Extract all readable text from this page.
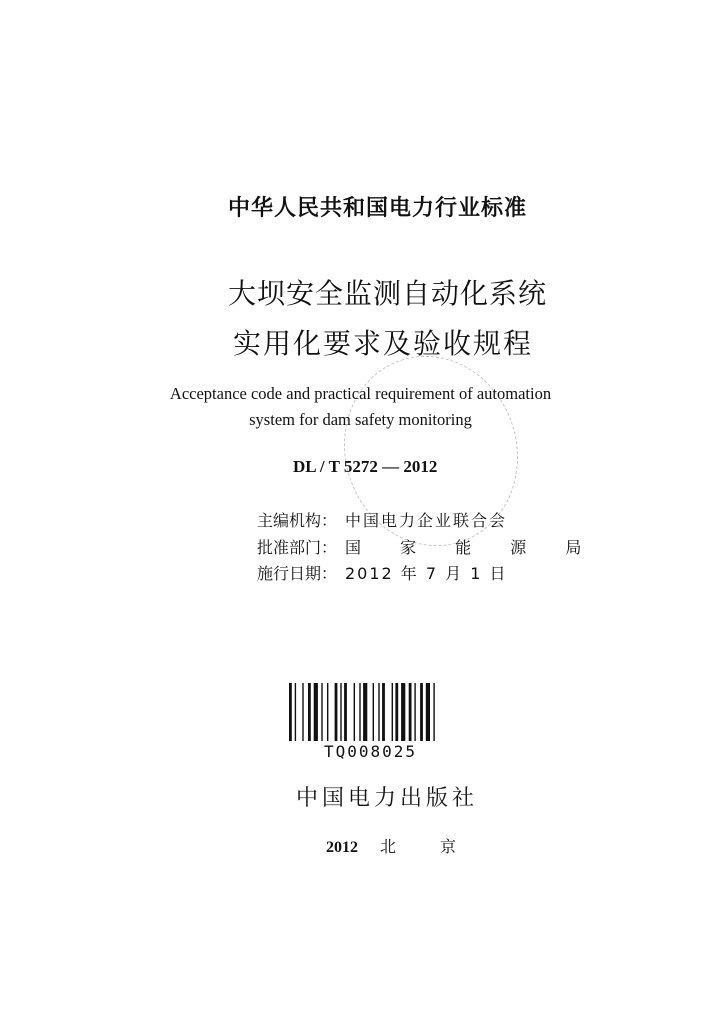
中华人民共和国电力行业标准
大坝安全监测自动化系统
实用化要求及验收规程
Acceptance code and practical requirement of automation
system for dam safety monitoring
DL / T 5272 — 2012
主编机构： 中国电力企业联合会
批准部门： 国 家 能 源 局
施行日期： 2012 年 7 月 1 日
TQ008025
中国电力出版社
2012 北 京
